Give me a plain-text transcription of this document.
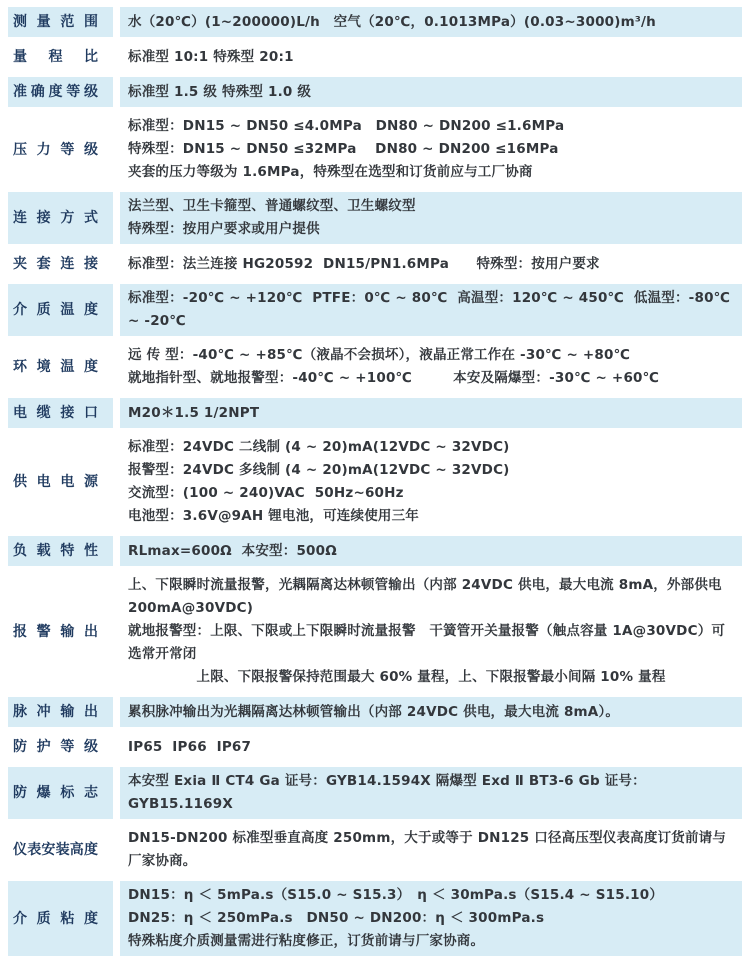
测量范围 水（20℃）(1~200000)L/h　空气（20℃，0.1013MPa）(0.03~3000)m³/h
量程比 标准型 10:1 特殊型 20:1
准确度等级 标准型 1.5 级 特殊型 1.0 级
压力等级
标准型：DN15 ~ DN50 ≤4.0MPa　DN80 ~ DN200 ≤1.6MPa
特殊型：DN15 ~ DN50 ≤32MPa　 DN80 ~ DN200 ≤16MPa
夹套的压力等级为 1.6MPa，特殊型在选型和订货前应与工厂协商
连接方式
法兰型、卫生卡箍型、普通螺纹型、卫生螺纹型
特殊型：按用户要求或用户提供
夹套连接 标准型：法兰连接 HG20592  DN15/PN1.6MPa　　特殊型：按用户要求
介质温度
标准型：-20℃ ~ +120℃  PTFE：0℃ ~ 80℃  高温型：120℃ ~ 450℃  低温型：-80℃ ~ -20℃
环境温度
远 传 型：-40℃ ~ +85℃（液晶不会损坏），液晶正常工作在 -30℃ ~ +80℃
就地指针型、就地报警型：-40℃ ~ +100℃　　　本安及隔爆型：-30℃ ~ +60℃
电缆接口 M20＊1.5 1/2NPT
供电电源
标准型：24VDC 二线制 (4 ~ 20)mA(12VDC ~ 32VDC)
报警型：24VDC 多线制 (4 ~ 20)mA(12VDC ~ 32VDC)
交流型：(100 ~ 240)VAC  50Hz~60Hz
电池型：3.6V@9AH 锂电池，可连续使用三年
负载特性 RLmax=600Ω  本安型：500Ω
报警输出
上、下限瞬时流量报警，光耦隔离达林顿管输出（内部 24VDC 供电，最大电流 8mA，外部供电 200mA@30VDC)
就地报警型：上限、下限或上下限瞬时流量报警　干簧管开关量报警（触点容量 1A@30VDC）可选常开常闭
　　　　　上限、下限报警保持范围最大 60% 量程，上、下限报警最小间隔 10% 量程
脉冲输出 累积脉冲输出为光耦隔离达林顿管输出（内部 24VDC 供电，最大电流 8mA）。
防护等级 IP65  IP66  IP67
防爆标志
本安型 Exia Ⅱ CT4 Ga 证号：GYB14.1594X 隔爆型 Exd Ⅱ BT3-6 Gb 证号：GYB15.1169X
仪表安装高度
DN15-DN200 标准型垂直高度 250mm，大于或等于 DN125 口径高压型仪表高度订货前请与厂家协商。
介质粘度
DN15：η ＜ 5mPa.s（S15.0 ~ S15.3）　η ＜ 30mPa.s（S15.4 ~ S15.10）
DN25：η ＜ 250mPa.s　DN50 ~ DN200：η ＜ 300mPa.s
特殊粘度介质测量需进行粘度修正，订货前请与厂家协商。
